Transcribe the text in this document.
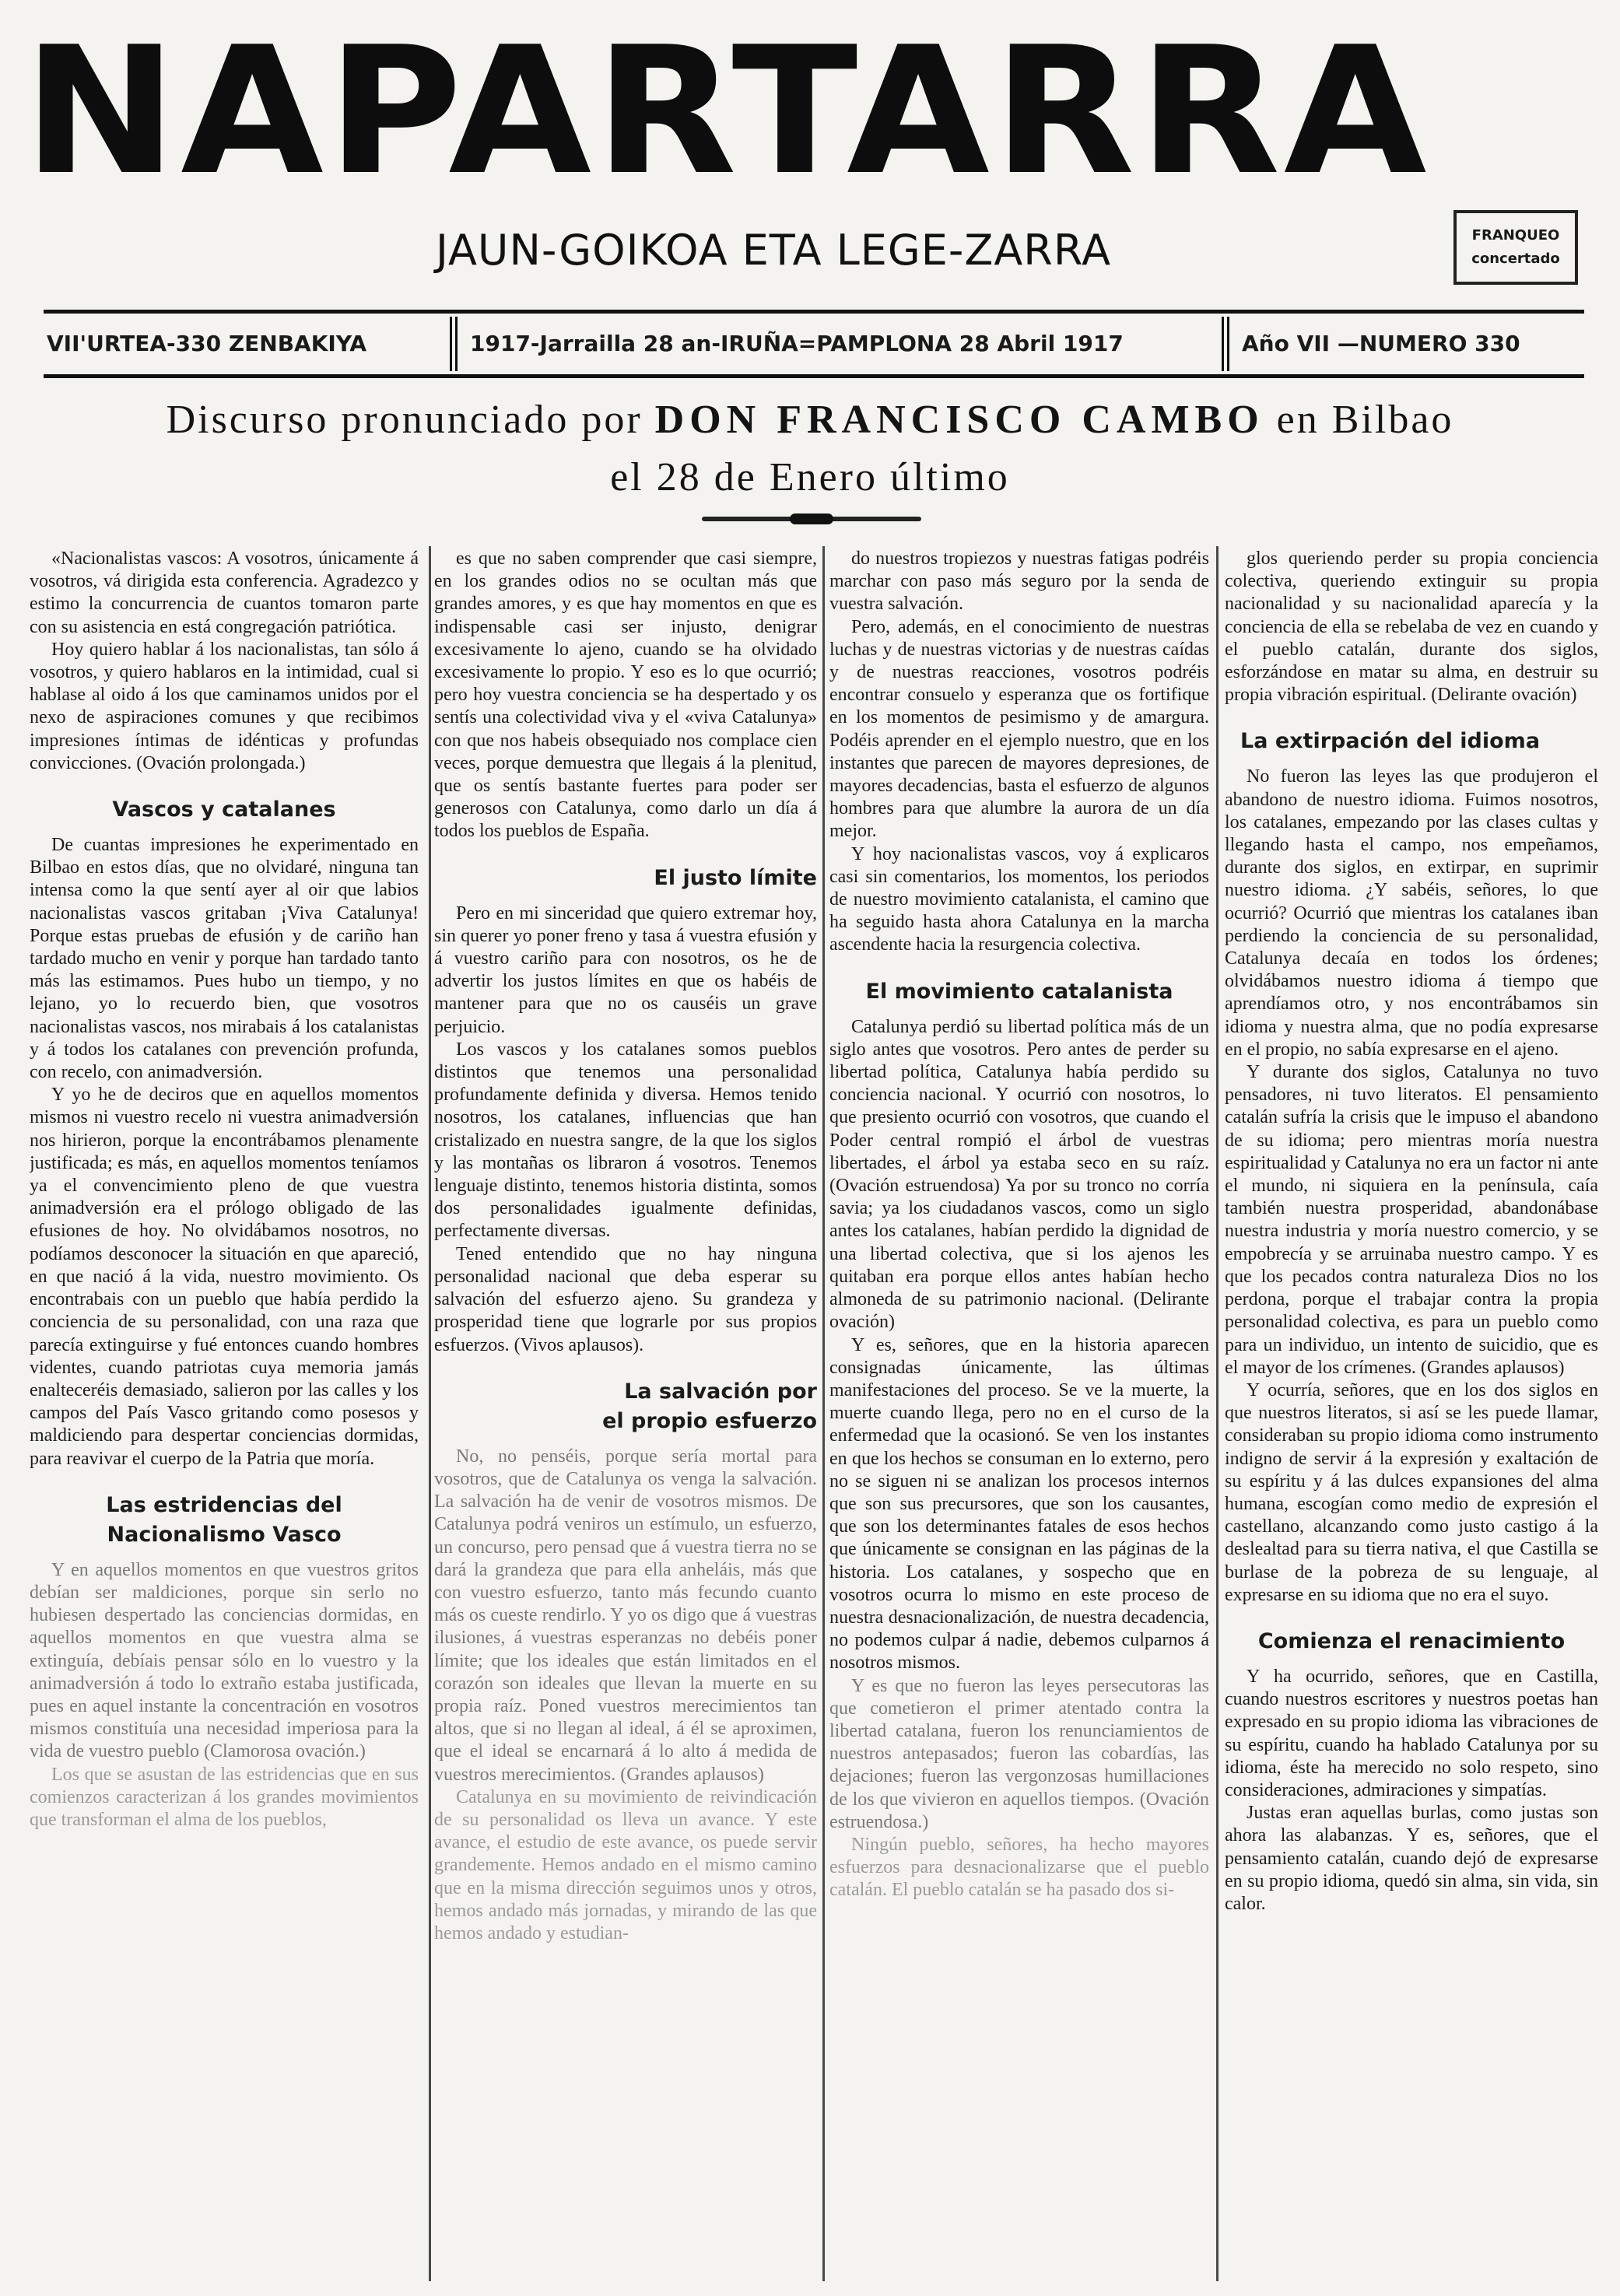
NAPARTARRA
JAUN-GOIKOA ETA LEGE-ZARRA	FRANQUEO
concertado
VII'URTEA-330 ZENBAKIYA	1917-Jarrailla 28 an-IRUÑA=PAMPLONA 28 Abril 1917	Año VII —NUMERO 330
Discurso pronunciado por DON FRANCISCO CAMBO en Bilbao
el 28 de Enero último

«Nacionalistas vascos: A vosotros, únicamente á vosotros, vá dirigida esta conferencia. Agradezco y estimo la concurrencia de cuantos tomaron parte con su asistencia en está congregación patriótica.

Hoy quiero hablar á los nacionalistas, tan sólo á vosotros, y quiero hablaros en la intimidad, cual si hablase al oido á los que caminamos unidos por el nexo de aspiraciones comunes y que recibimos impresiones íntimas de idénticas y profundas convicciones. (Ovación prolongada.)

Vascos y catalanes

De cuantas impresiones he experimentado en Bilbao en estos días, que no olvidaré, ninguna tan intensa como la que sentí ayer al oir que labios nacionalistas vascos gritaban ¡Viva Catalunya! Porque estas pruebas de efusión y de cariño han tardado mucho en venir y porque han tardado tanto más las estimamos. Pues hubo un tiempo, y no lejano, yo lo recuerdo bien, que vosotros nacionalistas vascos, nos mirabais á los catalanistas y á todos los catalanes con prevención profunda, con recelo, con animadversión.

Y yo he de deciros que en aquellos momentos mismos ni vuestro recelo ni vuestra animadversión nos hirieron, porque la encontrábamos plenamente justificada; es más, en aquellos momentos teníamos ya el convencimiento pleno de que vuestra animadversión era el prólogo obligado de las efusiones de hoy. No olvidábamos nosotros, no podíamos desconocer la situación en que apareció, en que nació á la vida, nuestro movimiento. Os encontrabais con un pueblo que había perdido la conciencia de su personalidad, con una raza que parecía extinguirse y fué entonces cuando hombres videntes, cuando patriotas cuya memoria jamás enalteceréis demasiado, salieron por las calles y los campos del País Vasco gritando como posesos y maldiciendo para despertar conciencias dormidas, para reavivar el cuerpo de la Patria que moría.

Las estridencias del
Nacionalismo Vasco

Y en aquellos momentos en que vuestros gritos debían ser maldiciones, porque sin serlo no hubiesen despertado las conciencias dormidas, en aquellos momentos en que vuestra alma se extinguía, debíais pensar sólo en lo vuestro y la animadversión á todo lo extraño estaba justificada, pues en aquel instante la concentración en vosotros mismos constituía una necesidad imperiosa para la vida de vuestro pueblo (Clamorosa ovación.)

Los que se asustan de las estridencias que en sus comienzos caracterizan á los grandes movimientos que transforman el alma de los pueblos,

es que no saben comprender que casi siempre, en los grandes odios no se ocultan más que grandes amores, y es que hay momentos en que es indispensable casi ser injusto, denigrar excesivamente lo ajeno, cuando se ha olvidado excesivamente lo propio. Y eso es lo que ocurrió; pero hoy vuestra conciencia se ha despertado y os sentís una colectividad viva y el «viva Catalunya» con que nos habeis obsequiado nos complace cien veces, porque demuestra que llegais á la plenitud, que os sentís bastante fuertes para poder ser generosos con Catalunya, como darlo un día á todos los pueblos de España.

El justo límite

Pero en mi sinceridad que quiero extremar hoy, sin querer yo poner freno y tasa á vuestra efusión y á vuestro cariño para con nosotros, os he de advertir los justos límites en que os habéis de mantener para que no os causéis un grave perjuicio.

Los vascos y los catalanes somos pueblos distintos que tenemos una personalidad profundamente definida y diversa. Hemos tenido nosotros, los catalanes, influencias que han cristalizado en nuestra sangre, de la que los siglos y las montañas os libraron á vosotros. Tenemos lenguaje distinto, tenemos historia distinta, somos dos personalidades igualmente definidas, perfectamente diversas.

Tened entendido que no hay ninguna personalidad nacional que deba esperar su salvación del esfuerzo ajeno. Su grandeza y prosperidad tiene que lograrle por sus propios esfuerzos. (Vivos aplausos).

La salvación por
el propio esfuerzo

No, no penséis, porque sería mortal para vosotros, que de Catalunya os venga la salvación. La salvación ha de venir de vosotros mismos. De Catalunya podrá veniros un estímulo, un esfuerzo, un concurso, pero pensad que á vuestra tierra no se dará la grandeza que para ella anheláis, más que con vuestro esfuerzo, tanto más fecundo cuanto más os cueste rendirlo. Y yo os digo que á vuestras ilusiones, á vuestras esperanzas no debéis poner límite; que los ideales que están limitados en el corazón son ideales que llevan la muerte en su propia raíz. Poned vuestros merecimientos tan altos, que si no llegan al ideal, á él se aproximen, que el ideal se encarnará á lo alto á medida de vuestros merecimientos. (Grandes aplausos)

Catalunya en su movimiento de reivindicación de su personalidad os lleva un avance. Y este avance, el estudio de este avance, os puede servir grandemente. Hemos andado en el mismo camino que en la misma dirección seguimos unos y otros, hemos andado más jornadas, y mirando de las que hemos andado y estudian-

do nuestros tropiezos y nuestras fatigas podréis marchar con paso más seguro por la senda de vuestra salvación.

Pero, además, en el conocimiento de nuestras luchas y de nuestras victorias y de nuestras caídas y de nuestras reacciones, vosotros podréis encontrar consuelo y esperanza que os fortifique en los momentos de pesimismo y de amargura. Podéis aprender en el ejemplo nuestro, que en los instantes que parecen de mayores depresiones, de mayores decadencias, basta el esfuerzo de algunos hombres para que alumbre la aurora de un día mejor.

Y hoy nacionalistas vascos, voy á explicaros casi sin comentarios, los momentos, los periodos de nuestro movimiento catalanista, el camino que ha seguido hasta ahora Catalunya en la marcha ascendente hacia la resurgencia colectiva.

El movimiento catalanista

Catalunya perdió su libertad política más de un siglo antes que vosotros. Pero antes de perder su libertad política, Catalunya había perdido su conciencia nacional. Y ocurrió con nosotros, lo que presiento ocurrió con vosotros, que cuando el Poder central rompió el árbol de vuestras libertades, el árbol ya estaba seco en su raíz. (Ovación estruendosa) Ya por su tronco no corría savia; ya los ciudadanos vascos, como un siglo antes los catalanes, habían perdido la dignidad de una libertad colectiva, que si los ajenos les quitaban era porque ellos antes habían hecho almoneda de su patrimonio nacional. (Delirante ovación)

Y es, señores, que en la historia aparecen consignadas únicamente, las últimas manifestaciones del proceso. Se ve la muerte, la muerte cuando llega, pero no en el curso de la enfermedad que la ocasionó. Se ven los instantes en que los hechos se consuman en lo externo, pero no se siguen ni se analizan los procesos internos que son sus precursores, que son los causantes, que son los determinantes fatales de esos hechos que únicamente se consignan en las páginas de la historia. Los catalanes, y sospecho que en vosotros ocurra lo mismo en este proceso de nuestra desnacionalización, de nuestra decadencia, no podemos culpar á nadie, debemos culparnos á nosotros mismos.

Y es que no fueron las leyes persecutoras las que cometieron el primer atentado contra la libertad catalana, fueron los renunciamientos de nuestros antepasados; fueron las cobardías, las dejaciones; fueron las vergonzosas humillaciones de los que vivieron en aquellos tiempos. (Ovación estruendosa.)

Ningún pueblo, señores, ha hecho mayores esfuerzos para desnacionalizarse que el pueblo catalán. El pueblo catalán se ha pasado dos si-

glos queriendo perder su propia conciencia colectiva, queriendo extinguir su propia nacionalidad y su nacionalidad aparecía y la conciencia de ella se rebelaba de vez en cuando y el pueblo catalán, durante dos siglos, esforzándose en matar su alma, en destruir su propia vibración espiritual. (Delirante ovación)

La extirpación del idioma

No fueron las leyes las que produjeron el abandono de nuestro idioma. Fuimos nosotros, los catalanes, empezando por las clases cultas y llegando hasta el campo, nos empeñamos, durante dos siglos, en extirpar, en suprimir nuestro idioma. ¿Y sabéis, señores, lo que ocurrió? Ocurrió que mientras los catalanes iban perdiendo la conciencia de su personalidad, Catalunya decaía en todos los órdenes; olvidábamos nuestro idioma á tiempo que aprendíamos otro, y nos encontrábamos sin idioma y nuestra alma, que no podía expresarse en el propio, no sabía expresarse en el ajeno.

Y durante dos siglos, Catalunya no tuvo pensadores, ni tuvo literatos. El pensamiento catalán sufría la crisis que le impuso el abandono de su idioma; pero mientras moría nuestra espiritualidad y Catalunya no era un factor ni ante el mundo, ni siquiera en la península, caía también nuestra prosperidad, abandonábase nuestra industria y moría nuestro comercio, y se empobrecía y se arruinaba nuestro campo. Y es que los pecados contra naturaleza Dios no los perdona, porque el trabajar contra la propia personalidad colectiva, es para un pueblo como para un individuo, un intento de suicidio, que es el mayor de los crímenes. (Grandes aplausos)

Y ocurría, señores, que en los dos siglos en que nuestros literatos, si así se les puede llamar, consideraban su propio idioma como instrumento indigno de servir á la expresión y exaltación de su espíritu y á las dulces expansiones del alma humana, escogían como medio de expresión el castellano, alcanzando como justo castigo á la deslealtad para su tierra nativa, el que Castilla se burlase de la pobreza de su lenguaje, al expresarse en su idioma que no era el suyo.

Comienza el renacimiento

Y ha ocurrido, señores, que en Castilla, cuando nuestros escritores y nuestros poetas han expresado en su propio idioma las vibraciones de su espíritu, cuando ha hablado Catalunya por su idioma, éste ha merecido no solo respeto, sino consideraciones, admiraciones y simpatías.

Justas eran aquellas burlas, como justas son ahora las alabanzas. Y es, señores, que el pensamiento catalán, cuando dejó de expresarse en su propio idioma, quedó sin alma, sin vida, sin calor.
